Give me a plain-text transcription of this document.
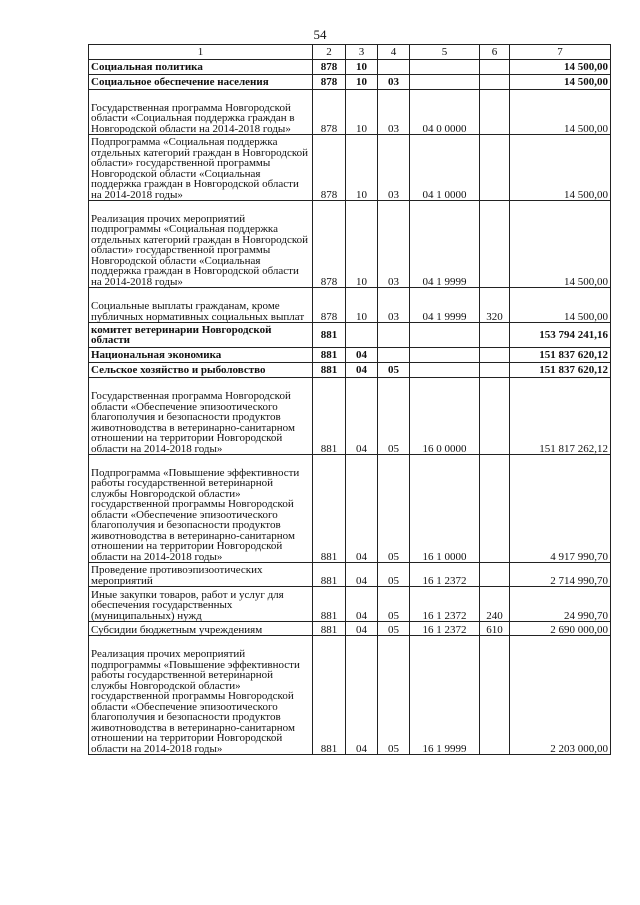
54
1	2	3	4	5	6	7
Социальная политика	878	10				14 500,00
Социальное обеспечение населения	878	10	03			14 500,00
Государственная программа Новгородской области «Социальная поддержка граждан в Новгородской области на 2014-2018 годы»	878	10	03	04 0 0000		14 500,00
Подпрограмма «Социальная поддержка отдельных категорий граждан в Новгородской области» государственной программы Новгородской области «Социальная поддержка граждан в Новгородской области на 2014-2018 годы»	878	10	03	04 1 0000		14 500,00
Реализация прочих мероприятий подпрограммы «Социальная поддержка отдельных категорий граждан в Новгородской области» государственной программы Новгородской области «Социальная поддержка граждан в Новгородской области на 2014-2018 годы»	878	10	03	04 1 9999		14 500,00
Социальные выплаты гражданам, кроме публичных нормативных социальных выплат	878	10	03	04 1 9999	320	14 500,00
комитет ветеринарии Новгородской области	881					153 794 241,16
Национальная экономика	881	04				151 837 620,12
Сельское хозяйство и рыболовство	881	04	05			151 837 620,12
Государственная программа Новгородской области «Обеспечение эпизоотического благополучия и безопасности продуктов животноводства в ветеринарно-санитарном отношении на территории Новгородской области на 2014-2018 годы»	881	04	05	16 0 0000		151 817 262,12
Подпрограмма «Повышение эффективности работы государственной ветеринарной службы Новгородской области» государственной программы Новгородской области «Обеспечение эпизоотического благополучия и безопасности продуктов животноводства в ветеринарно-санитарном отношении на территории Новгородской области на 2014-2018 годы»	881	04	05	16 1 0000		4 917 990,70
Проведение противоэпизоотических мероприятий	881	04	05	16 1 2372		2 714 990,70
Иные закупки товаров, работ и услуг для обеспечения государственных (муниципальных) нужд	881	04	05	16 1 2372	240	24 990,70
Субсидии бюджетным учреждениям	881	04	05	16 1 2372	610	2 690 000,00
Реализация прочих мероприятий подпрограммы «Повышение эффективности работы государственной ветеринарной службы Новгородской области» государственной программы Новгородской области «Обеспечение эпизоотического благополучия и безопасности продуктов животноводства в ветеринарно-санитарном отношении на территории Новгородской области на 2014-2018 годы»	881	04	05	16 1 9999		2 203 000,00
